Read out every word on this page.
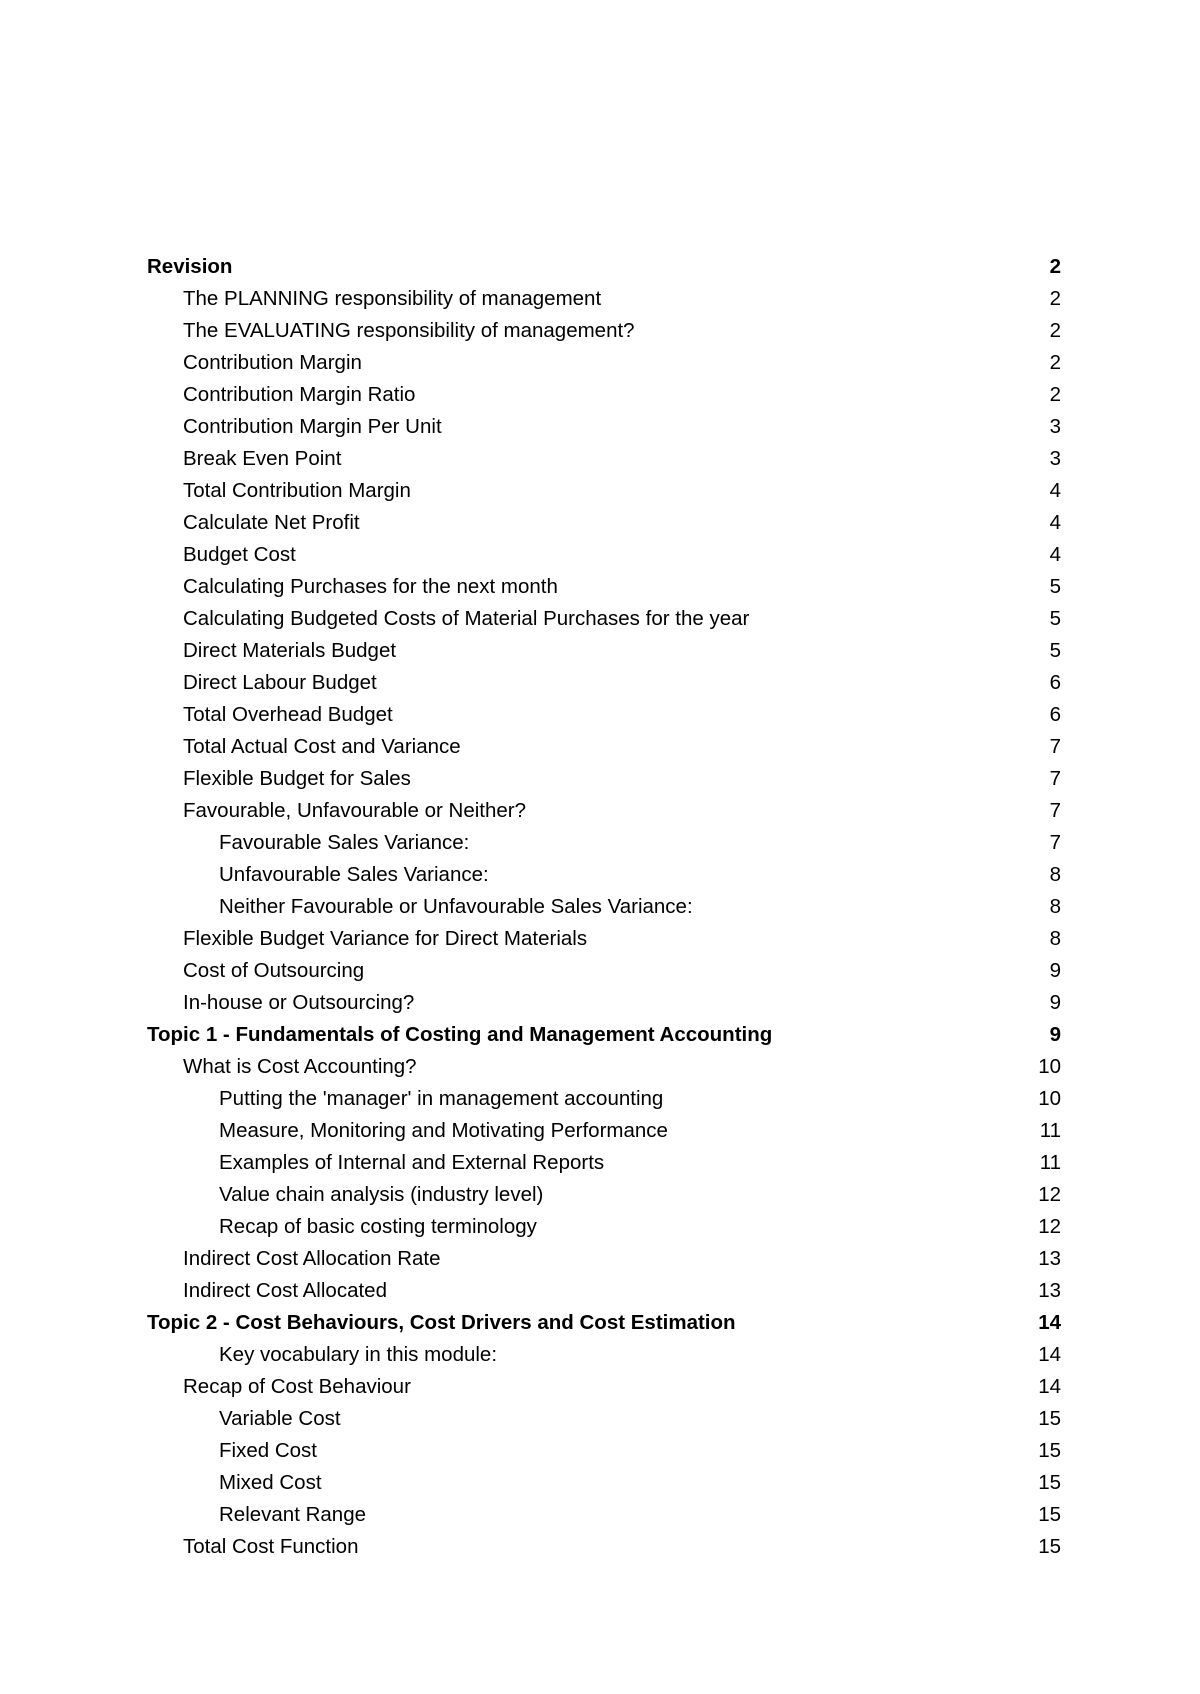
Revision	2
The PLANNING responsibility of management	2
The EVALUATING responsibility of management?	2
Contribution Margin	2
Contribution Margin Ratio	2
Contribution Margin Per Unit	3
Break Even Point	3
Total Contribution Margin	4
Calculate Net Profit	4
Budget Cost	4
Calculating Purchases for the next month	5
Calculating Budgeted Costs of Material Purchases for the year	5
Direct Materials Budget	5
Direct Labour Budget	6
Total Overhead Budget	6
Total Actual Cost and Variance	7
Flexible Budget for Sales	7
Favourable, Unfavourable or Neither?	7
Favourable Sales Variance:	7
Unfavourable Sales Variance:	8
Neither Favourable or Unfavourable Sales Variance:	8
Flexible Budget Variance for Direct Materials	8
Cost of Outsourcing	9
In-house or Outsourcing?	9
Topic 1 - Fundamentals of Costing and Management Accounting	9
What is Cost Accounting?	10
Putting the 'manager' in management accounting	10
Measure, Monitoring and Motivating Performance	11
Examples of Internal and External Reports	11
Value chain analysis (industry level)	12
Recap of basic costing terminology	12
Indirect Cost Allocation Rate	13
Indirect Cost Allocated	13
Topic 2 - Cost Behaviours, Cost Drivers and Cost Estimation	14
Key vocabulary in this module:	14
Recap of Cost Behaviour	14
Variable Cost	15
Fixed Cost	15
Mixed Cost	15
Relevant Range	15
Total Cost Function	15
